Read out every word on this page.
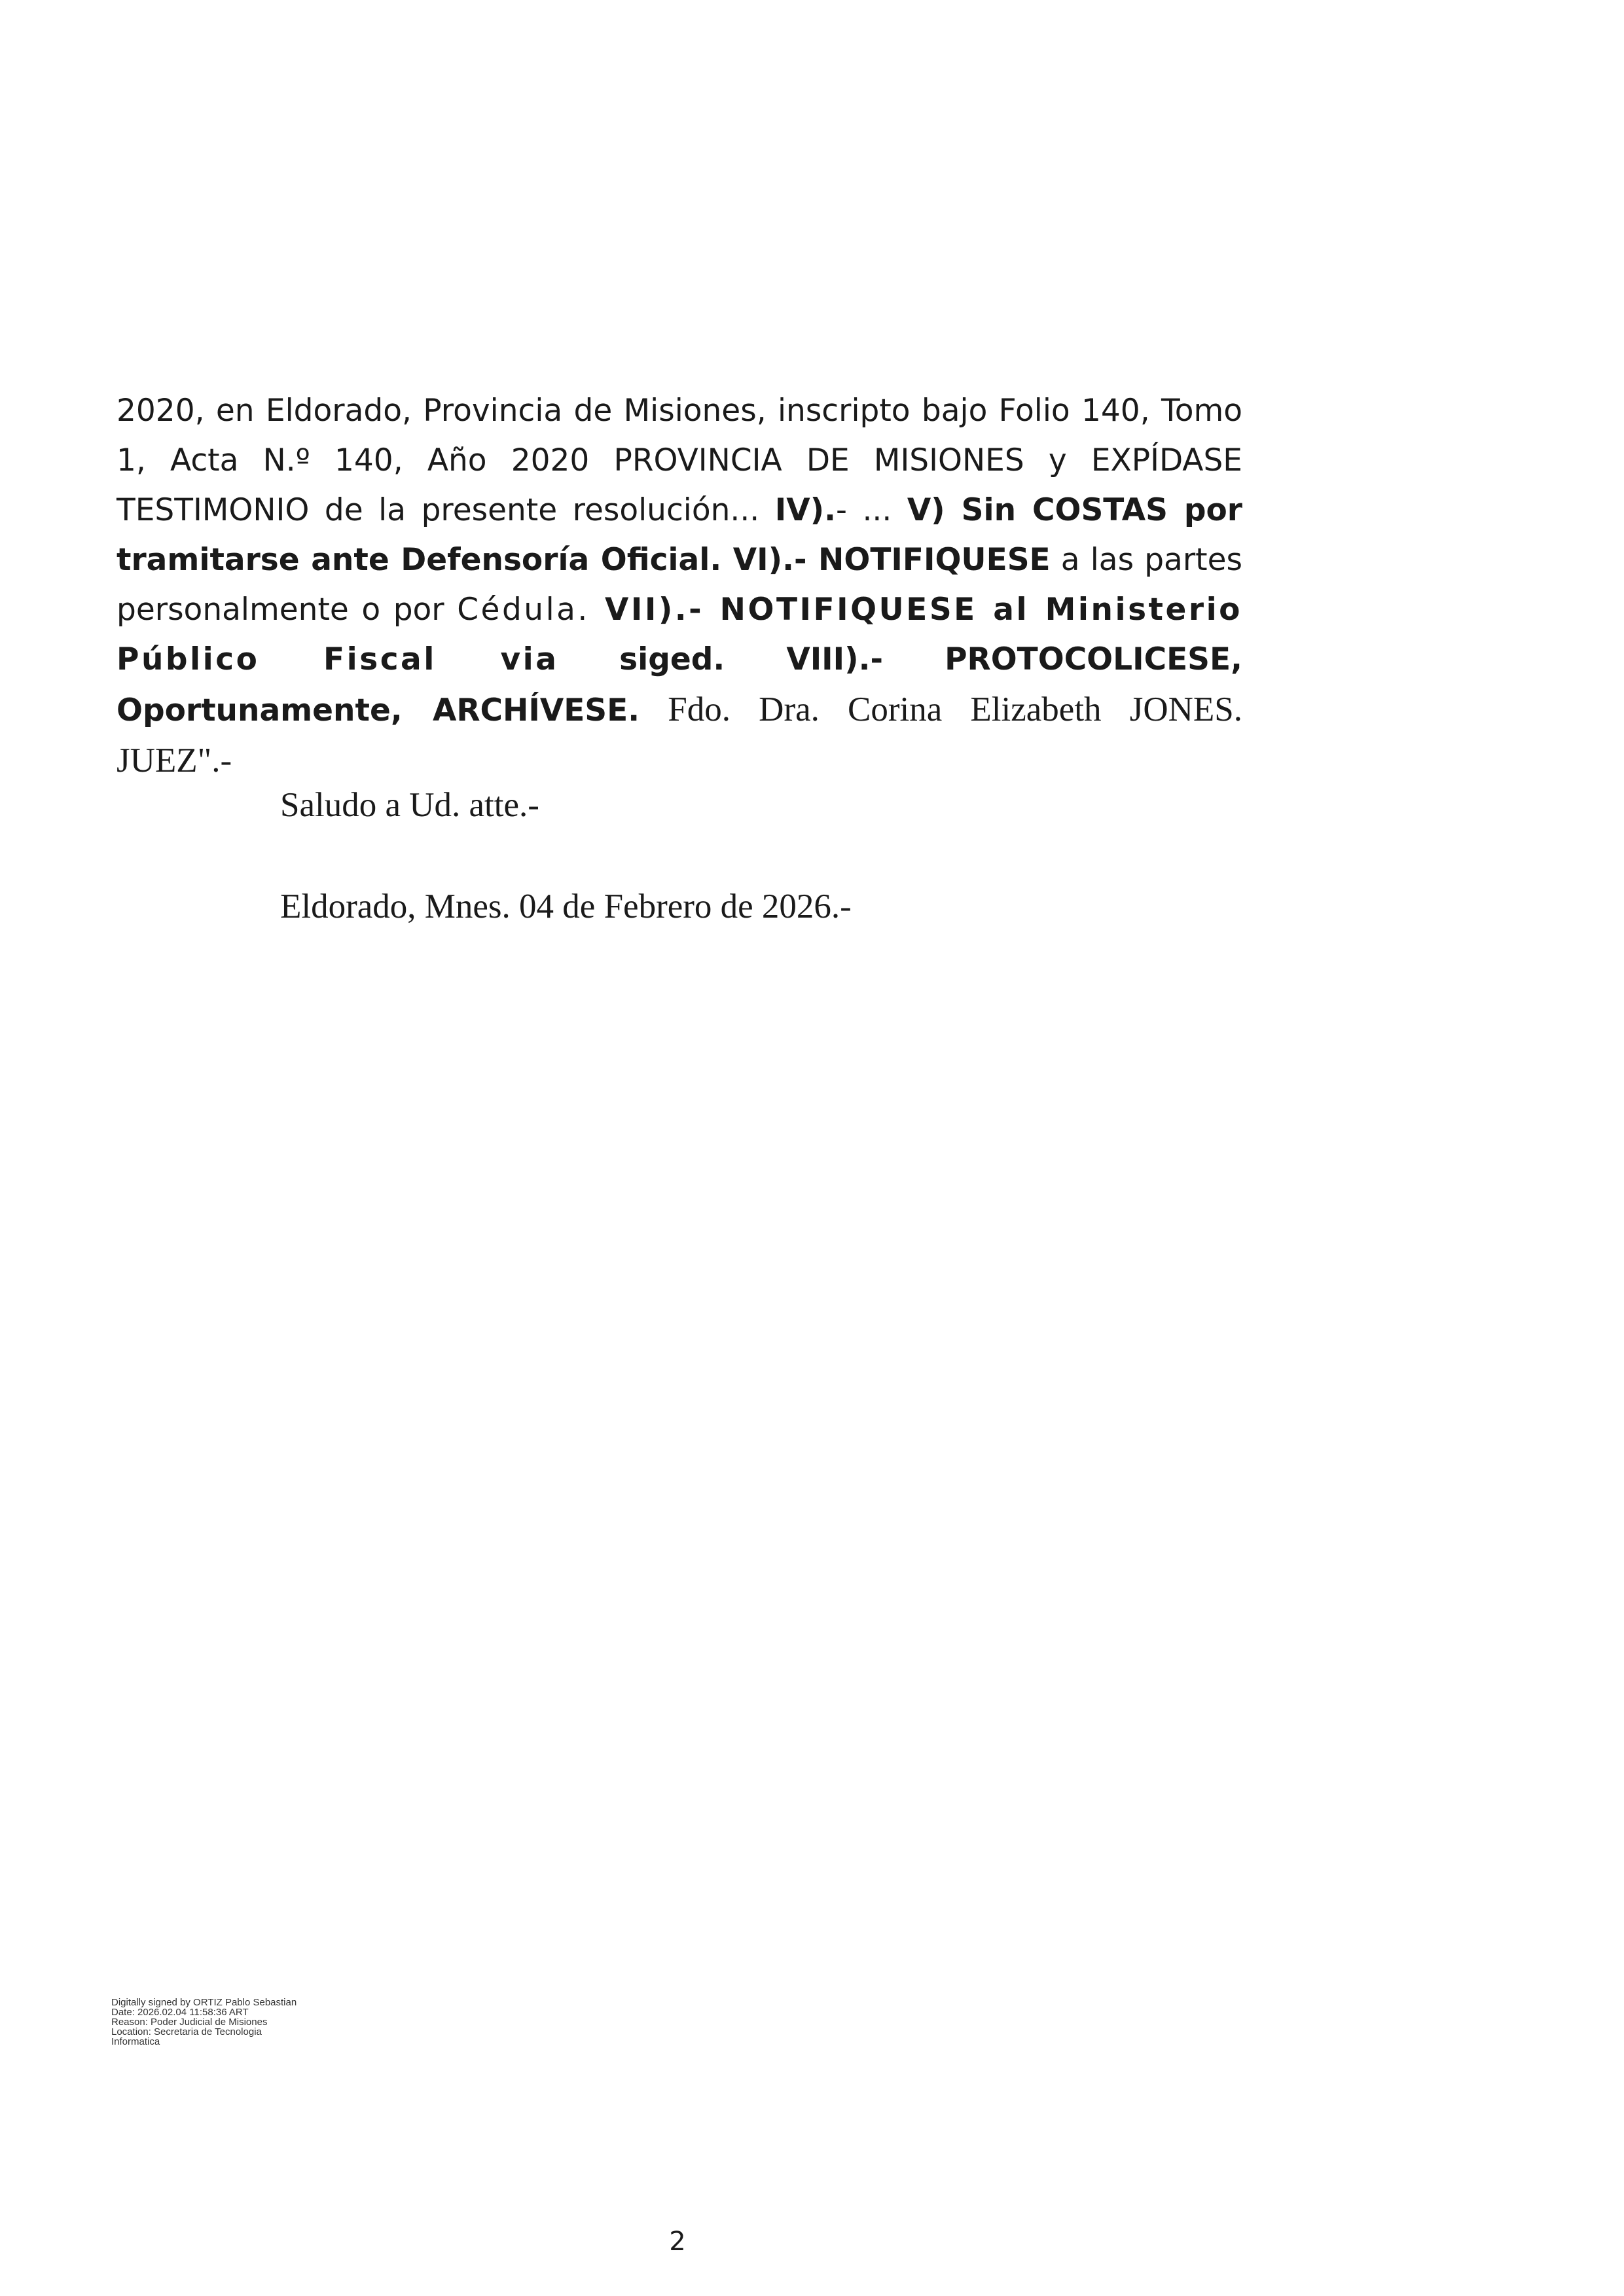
2020, en Eldorado, Provincia de Misiones, inscripto bajo Folio 140, Tomo 1, Acta N.º 140, Año 2020 PROVINCIA DE MISIONES y EXPÍDASE TESTIMONIO de la presente resolución... IV).- ... V) Sin COSTAS por tramitarse ante Defensoría Oficial. VI).- NOTIFIQUESE a las partes personalmente o por Cédula. VII).- NOTIFIQUESE al Ministerio Público Fiscal via siged. VIII).- PROTOCOLICESE, Oportunamente, ARCHÍVESE. Fdo. Dra. Corina Elizabeth JONES. JUEZ".-

Saludo a Ud. atte.-
Eldorado, Mnes. 04 de Febrero de 2026.-
Digitally signed by ORTIZ Pablo Sebastian
Date: 2026.02.04 11:58:36 ART
Reason: Poder Judicial de Misiones
Location: Secretaria de Tecnologia
Informatica
2
